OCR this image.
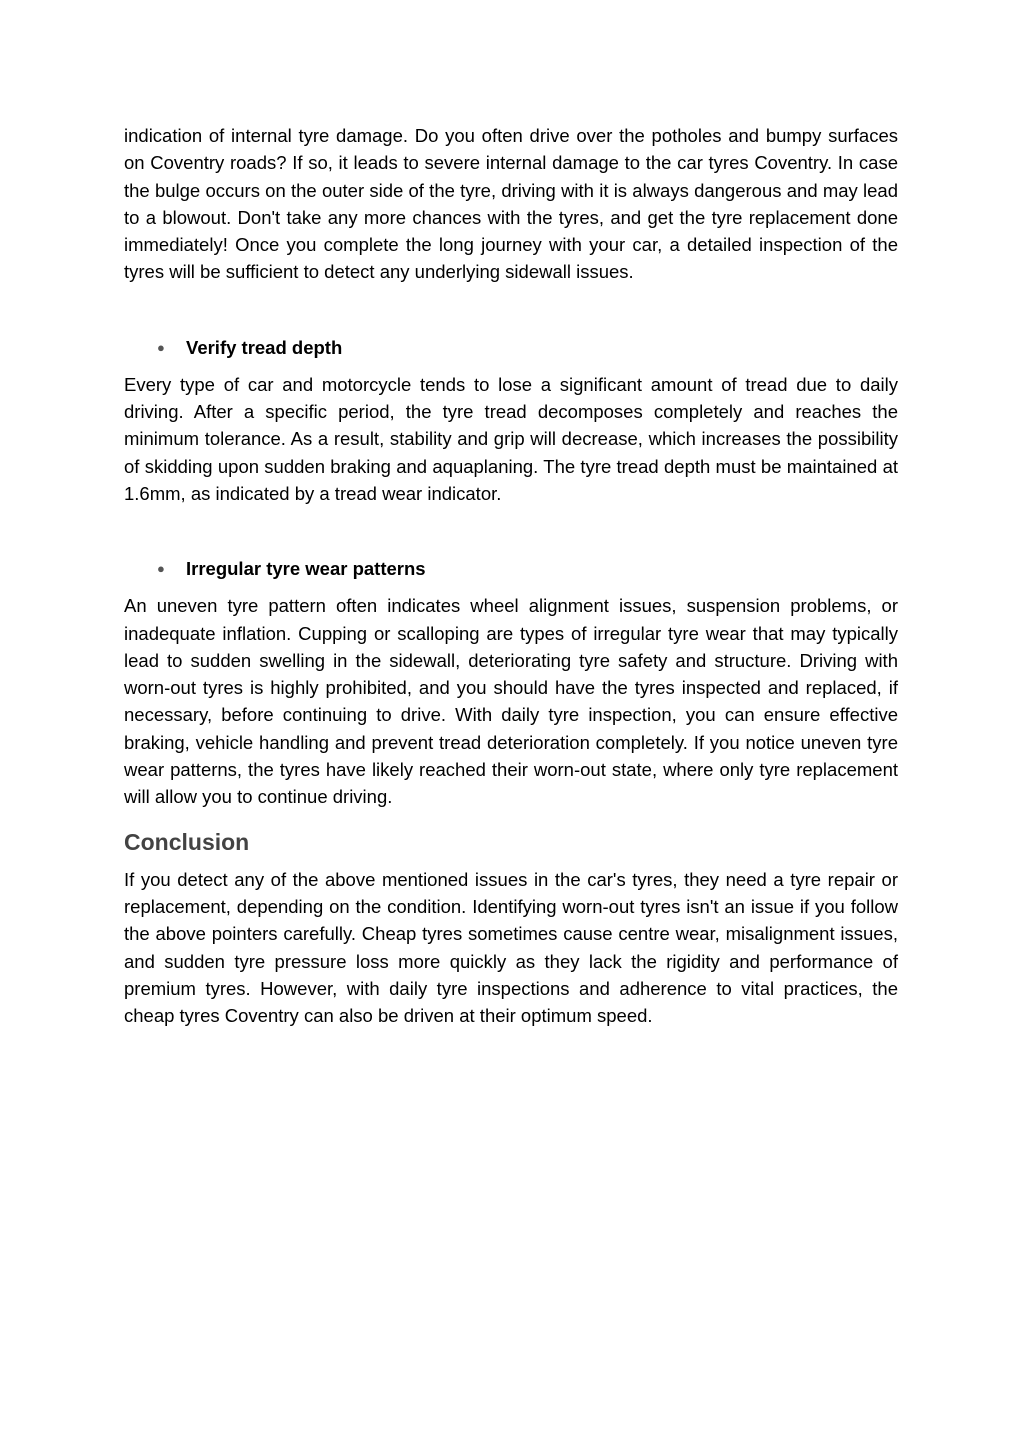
indication of internal tyre damage. Do you often drive over the potholes and bumpy surfaces on Coventry roads? If so, it leads to severe internal damage to the car tyres Coventry. In case the bulge occurs on the outer side of the tyre, driving with it is always dangerous and may lead to a blowout. Don't take any more chances with the tyres, and get the tyre replacement done immediately! Once you complete the long journey with your car, a detailed inspection of the tyres will be sufficient to detect any underlying sidewall issues.

● Verify tread depth

Every type of car and motorcycle tends to lose a significant amount of tread due to daily driving. After a specific period, the tyre tread decomposes completely and reaches the minimum tolerance. As a result, stability and grip will decrease, which increases the possibility of skidding upon sudden braking and aquaplaning. The tyre tread depth must be maintained at 1.6mm, as indicated by a tread wear indicator.

● Irregular tyre wear patterns

An uneven tyre pattern often indicates wheel alignment issues, suspension problems, or inadequate inflation. Cupping or scalloping are types of irregular tyre wear that may typically lead to sudden swelling in the sidewall, deteriorating tyre safety and structure. Driving with worn-out tyres is highly prohibited, and you should have the tyres inspected and replaced, if necessary, before continuing to drive. With daily tyre inspection, you can ensure effective braking, vehicle handling and prevent tread deterioration completely. If you notice uneven tyre wear patterns, the tyres have likely reached their worn-out state, where only tyre replacement will allow you to continue driving.

Conclusion

If you detect any of the above mentioned issues in the car's tyres, they need a tyre repair or replacement, depending on the condition. Identifying worn-out tyres isn't an issue if you follow the above pointers carefully. Cheap tyres sometimes cause centre wear, misalignment issues, and sudden tyre pressure loss more quickly as they lack the rigidity and performance of premium tyres. However, with daily tyre inspections and adherence to vital practices, the cheap tyres Coventry can also be driven at their optimum speed.
